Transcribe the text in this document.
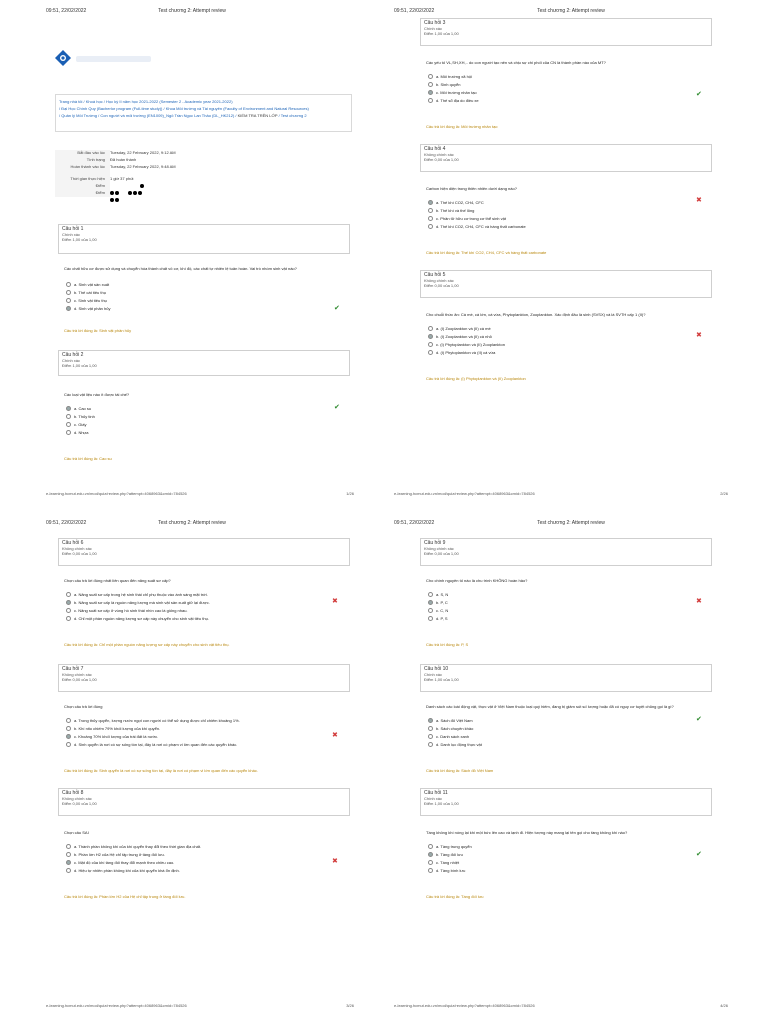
09:51, 22/02/2022	Test chương 2: Attempt review
Trang nhà tôi / Khoá học / Học kỳ II năm học 2021-2022 (Semester 2 - Academic year 2021-2022)
/ Đại Học Chính Quy (Bacherlor program (Full-time study)) / Khoa Môi trường và Tài nguyên (Faculty of Environment and Natural Resources)
/ Quản lý Môi Trường / Con người và môi trường (EN1009)_Ngô Trần Ngọc Lan Thảo (DL_HK212) / KIỂM TRA TRÊN LỚP / Test chương 2
Bắt đầu vào lúc	Tuesday, 22 February 2022, 9:12 AM
Tình trạng	Đã hoàn thành
Hoàn thành vào lúc	Tuesday, 22 February 2022, 9:48 AM
Thời gian thực hiện	1 giờ 37 phút
Điểm
Điểm
Câu hỏi 1
Chính xác
Điểm 1,00 của 1,00
Các chất hữu cơ được sử dụng và chuyển hóa thành chất vô cơ, khí độ, các chất tự nhiên lệ tuân hoàn. Vai trò nhóm sinh vật nào?
a. Sinh vật sản xuất
b. Thế cát tiêu thụ
c. Sinh vật tiêu thụ
d. Sinh vật phân hủy	✔
Câu trả lời đúng là: Sinh vật phân hủy
Câu hỏi 2
Chính xác
Điểm 1,00 của 1,00
Các loại vật liệu nào ít được tái chế?
a. Cao su
b. Thủy tinh
c. Giấy
d. Nhựa
✔
Câu trả lời đúng là: Cao su
e-learning.hcmut.edu.vn/mod/quiz/review.php?attempt=4068963&cmid=784526	1/26
09:51, 22/02/2022	Test chương 2: Attempt review
Câu hỏi 3
Chính xác
Điểm 1,00 của 1,00
Các yếu tố VL,SH,XH,.. do con người tạo nên và chịu sự chi phối của CN là thành phần nào của MT?
a. Môi trường xã hội
b. Sinh quyển
c. Môi trường nhân tạo
d. Thế sổ địa do điều xe
✔
Câu trả lời đúng là: Môi trường nhân tạo
Câu hỏi 4
Không chính xác
Điểm 0,00 của 1,00
Carbon hiện diện trong thiên nhiên dưới dạng nào?
a. Thế khí CO2, CH4, CFC
b. Thế khí và thế lỏng
c. Phân tử hữu cơ trong cơ thể sinh vật
d. Thế khí CO2, CH4, CFC và hàng thất carbonate
✖
Câu trả lời đúng là: Thế khí CO2, CH4, CFC và hàng thất carbonate
Câu hỏi 5
Không chính xác
Điểm 0,00 của 1,00
Cho chuỗi thức ăn: Cá mè, cá lớn, cá vừa, Phytoplankton, Zooplankton. Xác định đâu là sinh (SVSX) và là SVTH cấp 1 (II)?
a. (I) Zooplankton và (II) cá mè
b. (I) Zooplankton và (II) cá nhỏ
c. (I) Phytoplankton và (II) Zooplankton
d. (I) Phytoplankton và (II) cá vừa
✖
Câu trả lời đúng là: (I) Phytoplankton và (II) Zooplankton
e-learning.hcmut.edu.vn/mod/quiz/review.php?attempt=4068963&cmid=784526	2/26
09:51, 22/02/2022	Test chương 2: Attempt review
Câu hỏi 6
Không chính xác
Điểm 0,00 của 1,00
Chọn câu trả lời đúng nhất liên quan đến năng suất sơ cấp?
a. Năng suất sơ cấp trong hệ sinh thái chỉ phụ thuộc vào ánh sáng mặt trời.
b. Năng suất sơ cấp là nguồn năng lượng mà sinh vật sản xuất giữ lại được.
c. Năng suất sơ cấp ở vùng hồ sinh thái nhìn cao là giống nhau.
d. Chỉ một phần nguồn năng lượng sơ cấp này chuyển cho sinh vật tiêu thụ.
✖
Câu trả lời đúng là: Chỉ một phần nguồn năng lượng sơ cấp này chuyển cho sinh vật tiêu thụ.
Câu hỏi 7
Không chính xác
Điểm 0,00 của 1,00
Chọn câu trả lời đúng
a. Trong thủy quyển, lượng nước ngọt con người có thể sử dụng được chỉ chiếm khoảng 1%.
b. Khí nito chiếm 79% khối lượng của khí quyển.
c. Khoảng 70% khối lượng của trái đất là nước.
d. Sinh quyển là nơi có sự sống tồn tại, đây là nơi có phạm vi lớn quan đến các quyển khác.
✖
Câu trả lời đúng là: Sinh quyển là nơi có sự sống tồn tại, đây là nơi có phạm vi lớn quan đến các quyển khác.
Câu hỏi 8
Không chính xác
Điểm 0,00 của 1,00
Chọn câu SAI
a. Thành phần không khí của khí quyển thay đổi theo thời gian địa chất.
b. Phần lớn H2 của Hệ chỉ tập trung ở tầng đối lưu.
c. Mật độ của khí tầng đối thay đổi mạnh theo chiều cao.
d. Hiệu tự nhiên phần không khí của khí quyển khá ổn định.
✖
Câu trả lời đúng là: Phần lớn H2 của Hệ chỉ tập trung ở tầng đối lưu.
e-learning.hcmut.edu.vn/mod/quiz/review.php?attempt=4068963&cmid=784526	3/26
09:51, 22/02/2022	Test chương 2: Attempt review
Câu hỏi 9
Không chính xác
Điểm 0,00 của 1,00
Cho chính nguyên tố nào là chu trình KHÔNG hoàn hảo?
a. S, N
b. P, C
c. C, N
d. P, S
✖
Câu trả lời đúng là: P, S
Câu hỏi 10
Chính xác
Điểm 1,00 của 1,00
Danh sách các loài động vật, thực vật ở Việt Nam thuộc loại quý hiếm, đang bị giảm sút số lượng hoặc đã có nguy cơ tuyệt chủng gọi là gì?
a. Sách đỏ Việt Nam
b. Sách chuyên khảo
c. Danh sách xanh
d. Danh lục động thực vật
✔
Câu trả lời đúng là: Sách đỏ Việt Nam
Câu hỏi 11
Chính xác
Điểm 1,00 của 1,00
Tầng không khí nóng lại khi một bức lên cao và lạnh đi. Hiện tượng này mang lại tên gọi cho tầng không khí nào?
a. Tầng trung quyển
b. Tầng đối lưu
c. Tầng nhiệt
d. Tầng bình lưu
✔
Câu trả lời đúng là: Tầng đối lưu
e-learning.hcmut.edu.vn/mod/quiz/review.php?attempt=4068963&cmid=784526	4/26
